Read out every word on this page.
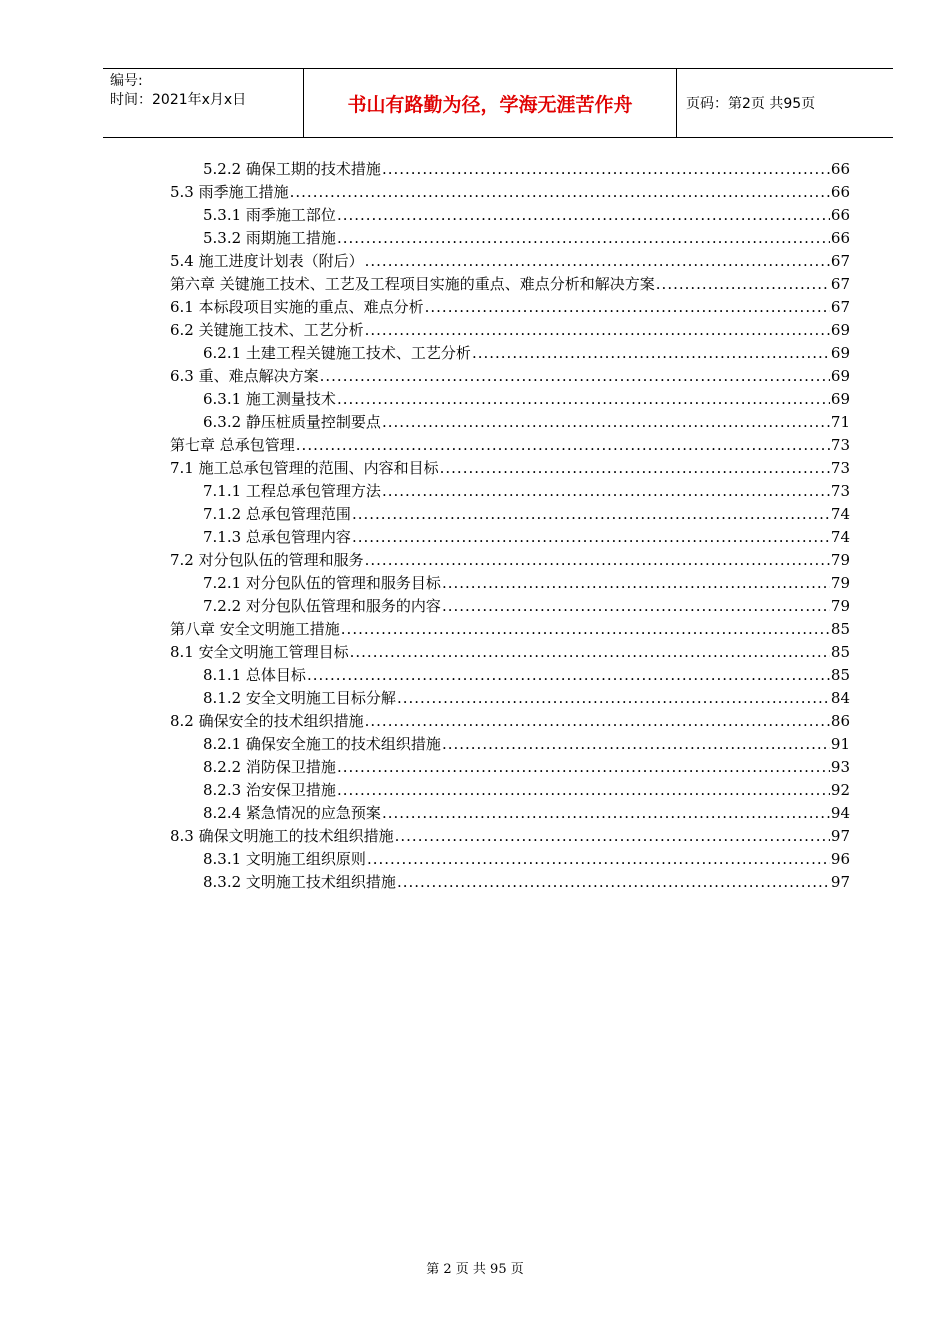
编号:
时间：2021年x月x日	书山有路勤为径，学海无涯苦作舟	页码：第2页 共95页
5.2.2 确保工期的技术措施 .....	66
5.3 雨季施工措施 .....	66
5.3.1 雨季施工部位 .....	66
5.3.2 雨期施工措施 .....	66
5.4 施工进度计划表（附后） .....	67
第六章 关键施工技术、工艺及工程项目实施的重点、难点分析和解决方案 .....	67
6.1 本标段项目实施的重点、难点分析 .....	67
6.2 关键施工技术、工艺分析 .....	69
6.2.1 土建工程关键施工技术、工艺分析 .....	69
6.3 重、难点解决方案 .....	69
6.3.1 施工测量技术 .....	69
6.3.2 静压桩质量控制要点 .....	71
第七章 总承包管理 .....	73
7.1 施工总承包管理的范围、内容和目标 .....	73
7.1.1 工程总承包管理方法 .....	73
7.1.2 总承包管理范围 .....	74
7.1.3 总承包管理内容 .....	74
7.2 对分包队伍的管理和服务 .....	79
7.2.1 对分包队伍的管理和服务目标 .....	79
7.2.2 对分包队伍管理和服务的内容 .....	79
第八章 安全文明施工措施 .....	85
8.1 安全文明施工管理目标 .....	85
8.1.1 总体目标 .....	85
8.1.2 安全文明施工目标分解 .....	84
8.2 确保安全的技术组织措施 .....	86
8.2.1 确保安全施工的技术组织措施 .....	91
8.2.2 消防保卫措施 .....	93
8.2.3 治安保卫措施 .....	92
8.2.4 紧急情况的应急预案 .....	94
8.3 确保文明施工的技术组织措施 .....	97
8.3.1 文明施工组织原则 .....	96
8.3.2 文明施工技术组织措施 .....	97
第 2 页 共 95 页
